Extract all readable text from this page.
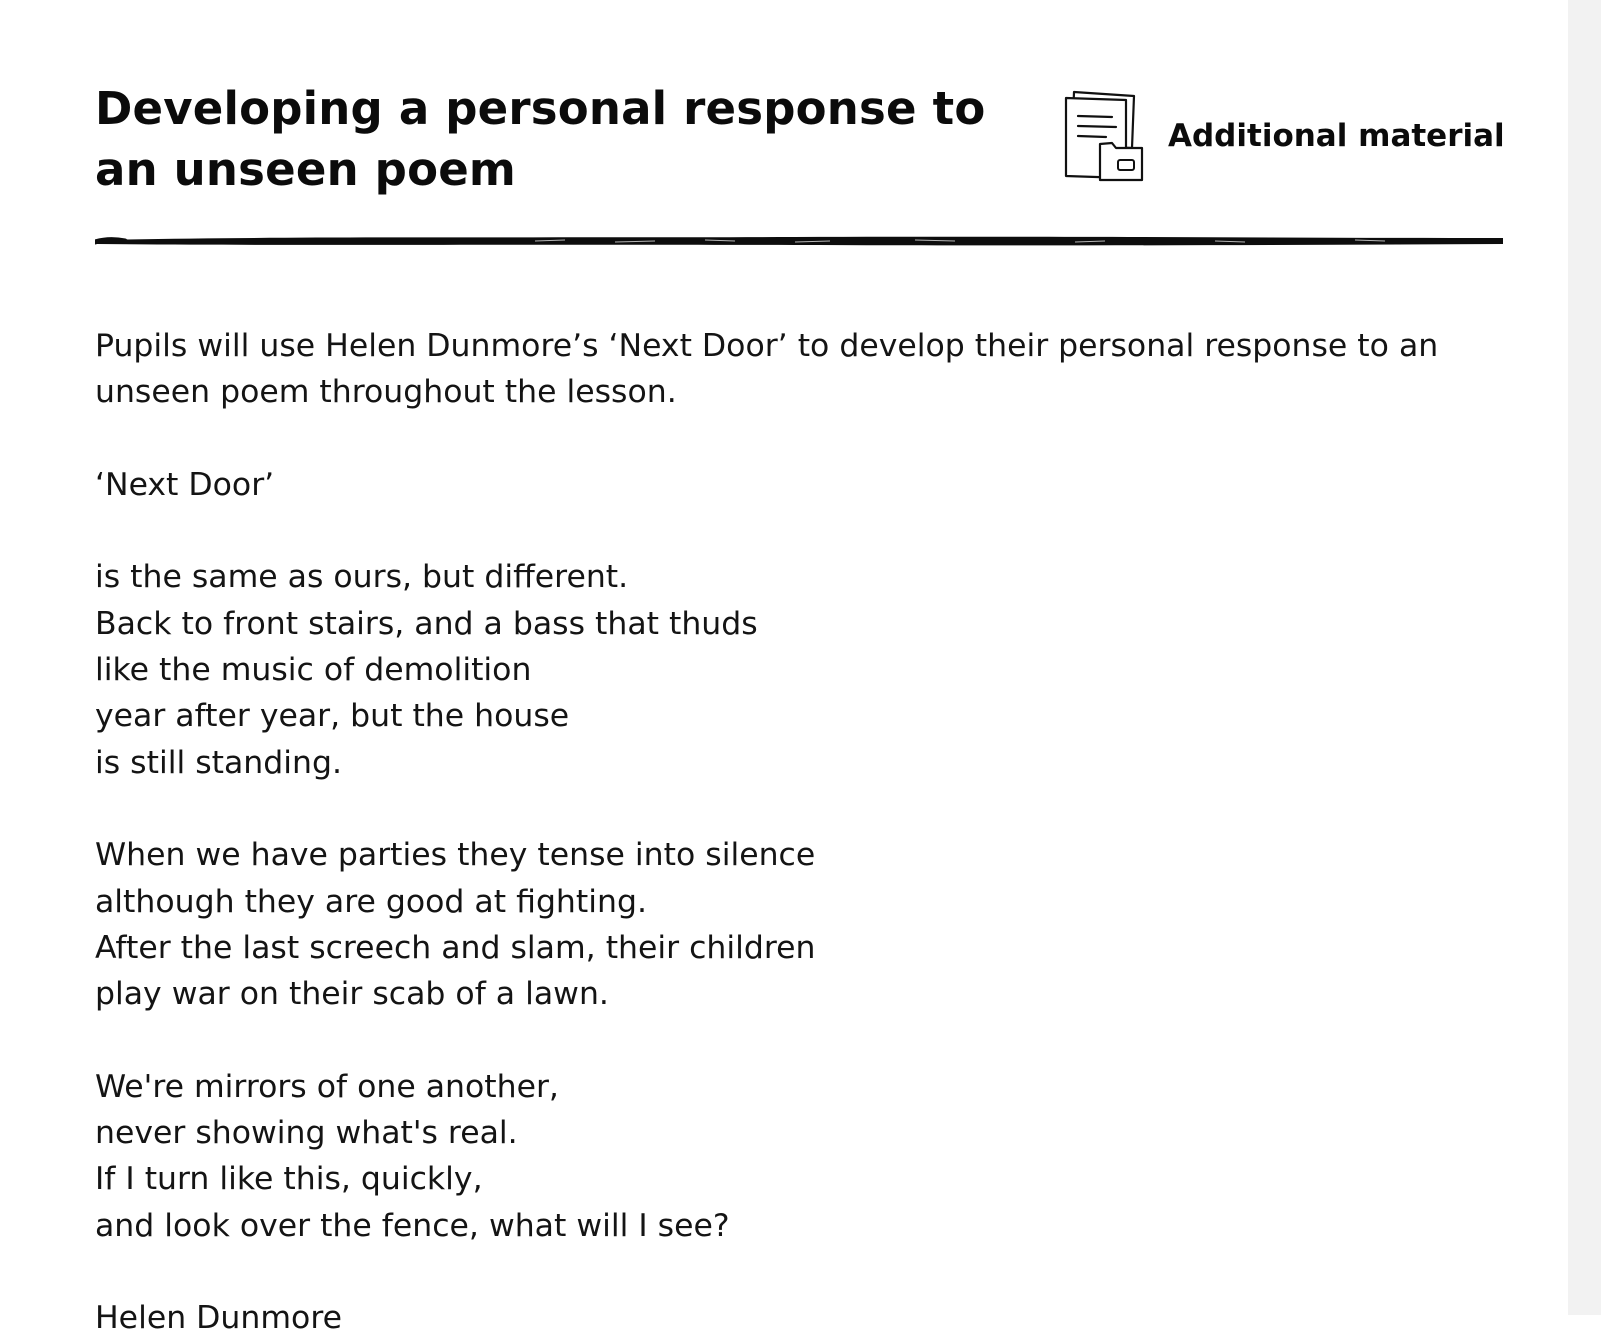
Developing a personal response to an unseen poem
Additional material

Pupils will use Helen Dunmore’s ‘Next Door’ to develop their personal response to an unseen poem throughout the lesson.

‘Next Door’

is the same as ours, but different.
Back to front stairs, and a bass that thuds
like the music of demolition
year after year, but the house
is still standing.

When we have parties they tense into silence
although they are good at fighting.
After the last screech and slam, their children
play war on their scab of a lawn.

We're mirrors of one another,
never showing what's real.
If I turn like this, quickly,
and look over the fence, what will I see?

Helen Dunmore
